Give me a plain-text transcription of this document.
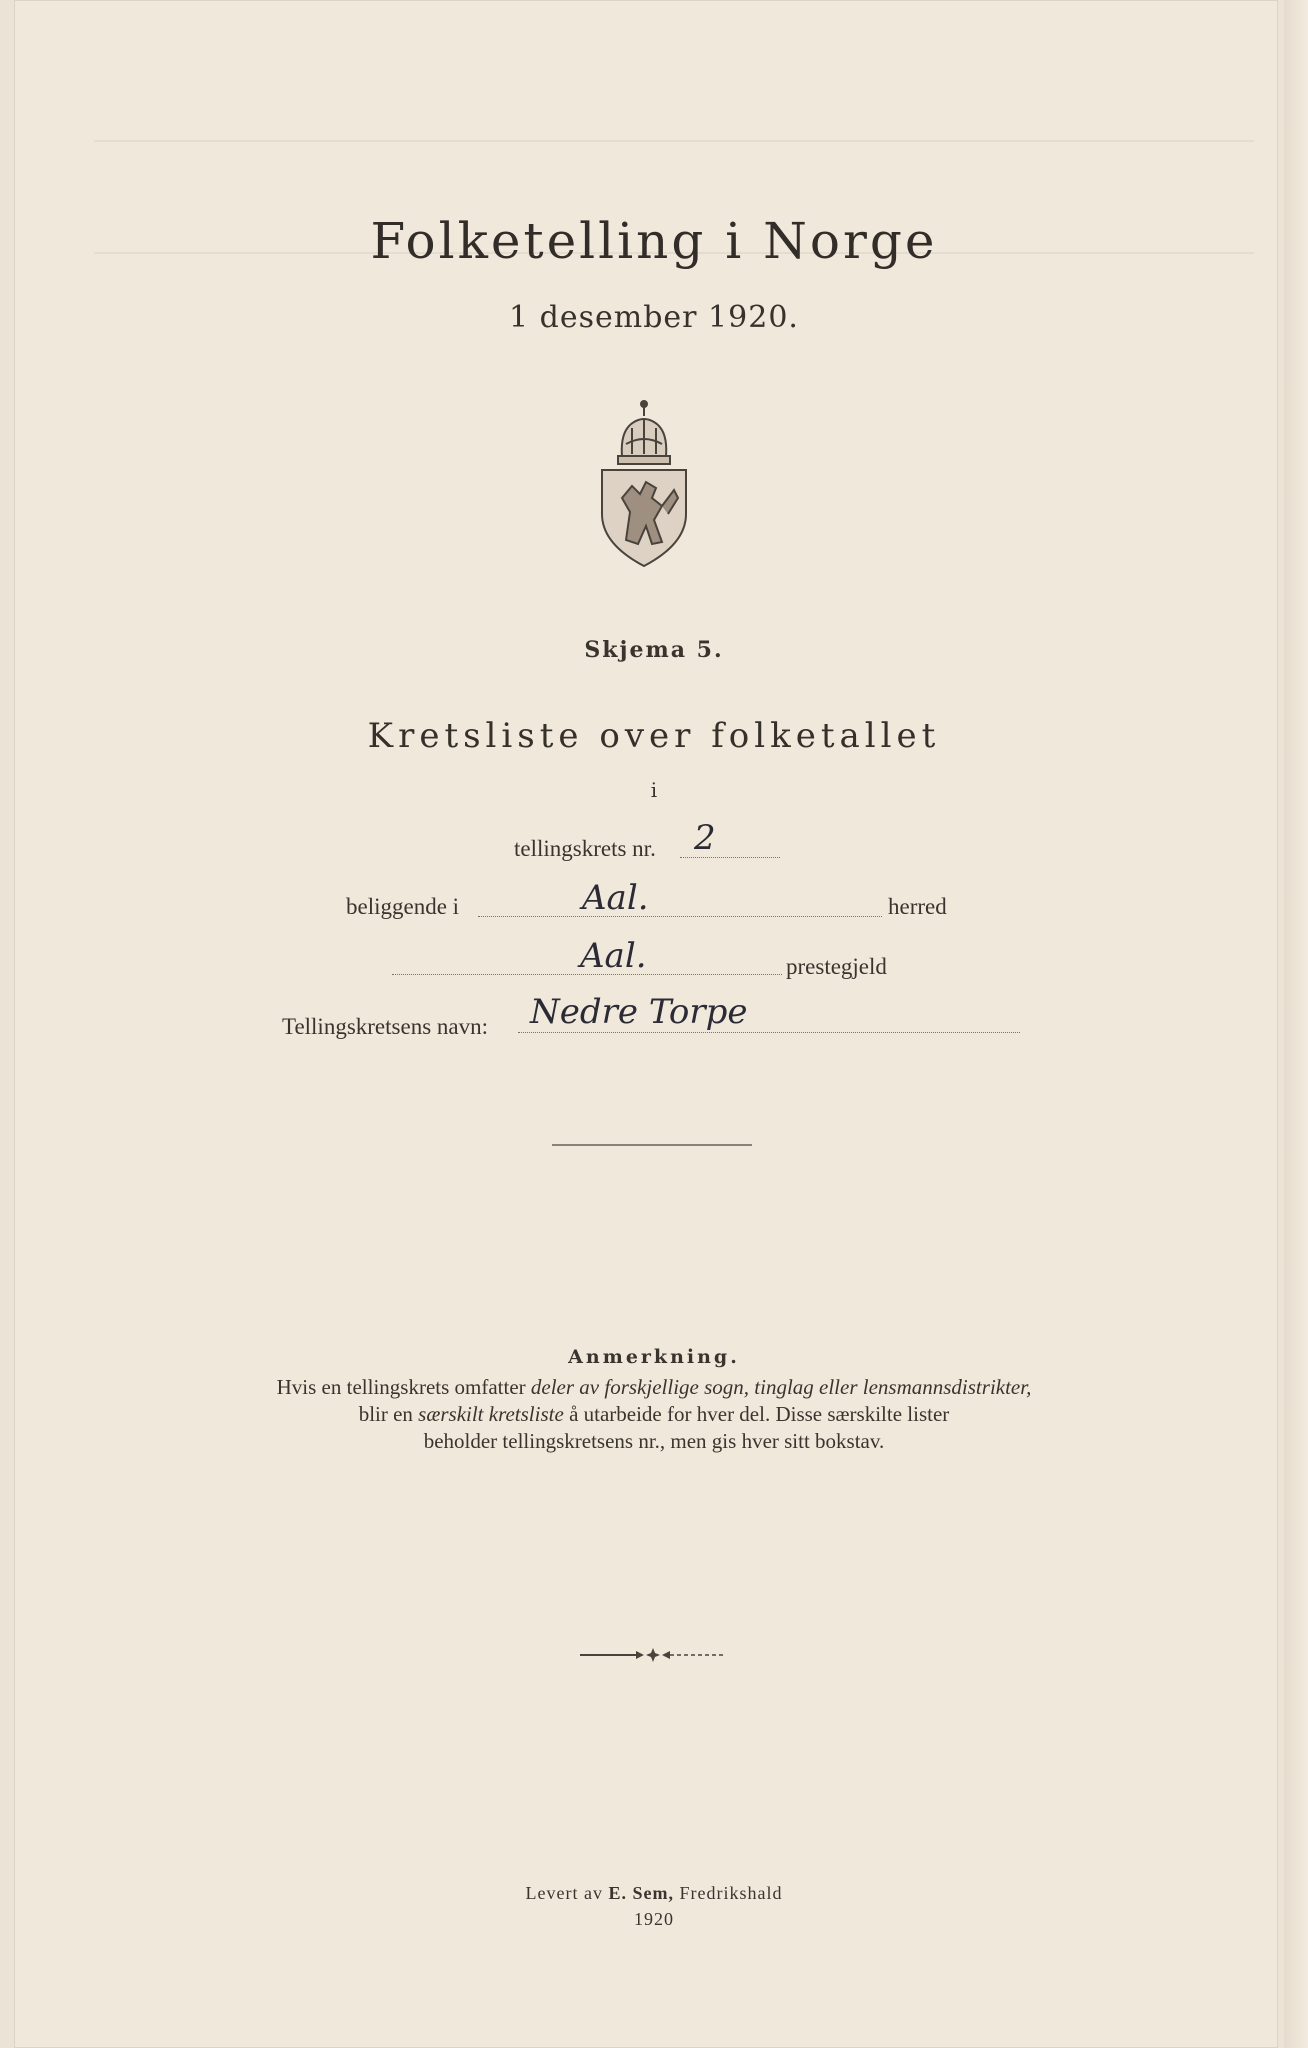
Folketelling i Norge
1 desember 1920.
Skjema 5.
Kretsliste over folketallet
i
tellingskrets nr. 2
beliggende i	Aal.	herred
Aal.	prestegjeld
Tellingskretsens navn: Nedre Torpe
Anmerkning.
Hvis en tellingskrets omfatter deler av forskjellige sogn, tinglag eller lensmannsdistrikter,
blir en særskilt kretsliste å utarbeide for hver del. Disse særskilte lister
beholder tellingskretsens nr., men gis hver sitt bokstav.
Levert av E. Sem, Fredrikshald
1920
